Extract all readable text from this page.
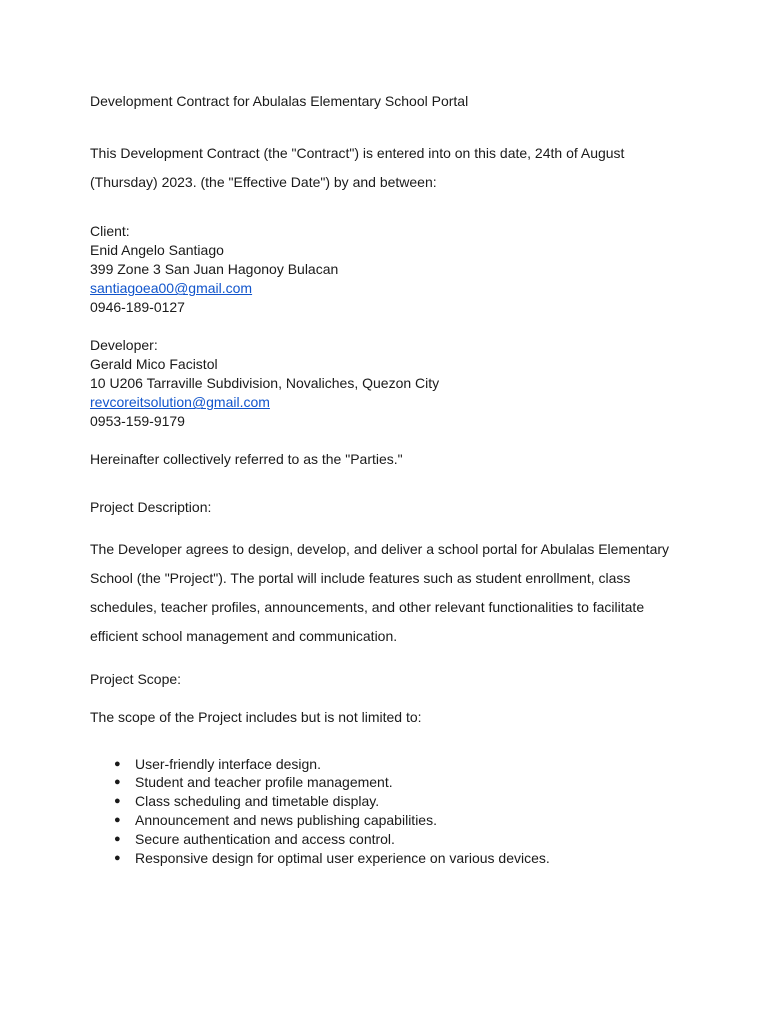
Development Contract for Abulalas Elementary School Portal

This Development Contract (the "Contract") is entered into on this date, 24th of August (Thursday) 2023. (the "Effective Date") by and between:

Client:

Enid Angelo Santiago

399 Zone 3 San Juan Hagonoy Bulacan

santiagoea00@gmail.com

0946-189-0127

Developer:

Gerald Mico Facistol

10 U206 Tarraville Subdivision, Novaliches, Quezon City

revcoreitsolution@gmail.com

0953-159-9179

Hereinafter collectively referred to as the "Parties."

Project Description:

The Developer agrees to design, develop, and deliver a school portal for Abulalas Elementary School (the "Project"). The portal will include features such as student enrollment, class schedules, teacher profiles, announcements, and other relevant functionalities to facilitate efficient school management and communication.

Project Scope:

The scope of the Project includes but is not limited to:

● User-friendly interface design.
● Student and teacher profile management.
● Class scheduling and timetable display.
● Announcement and news publishing capabilities.
● Secure authentication and access control.
● Responsive design for optimal user experience on various devices.
